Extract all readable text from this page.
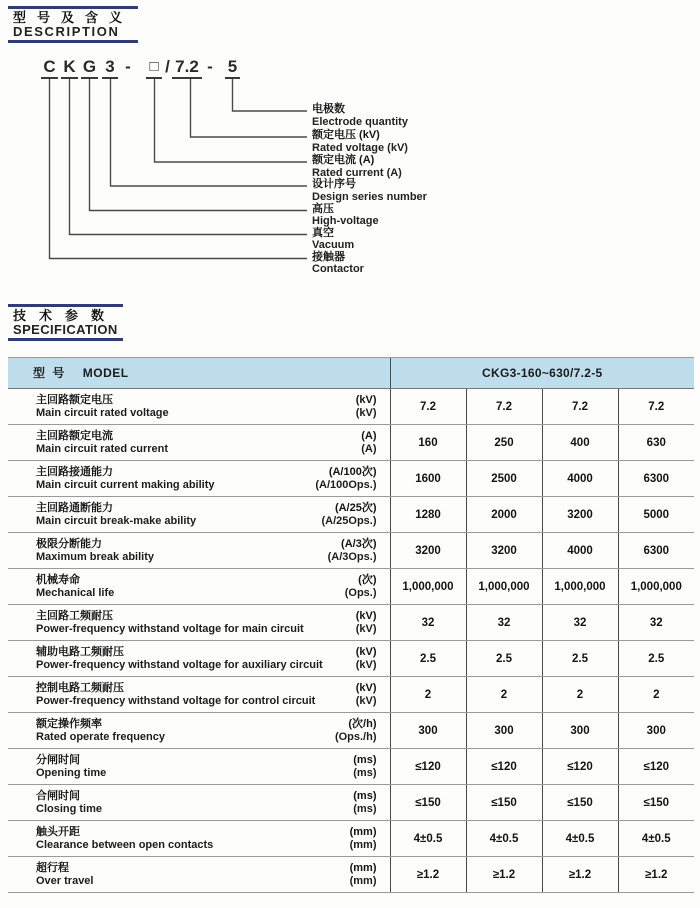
型号及含义
DESCRIPTION
C K G 3 - □ / 7.2 - 5
电极数
Electrode quantity
额定电压 (kV)
Rated voltage (kV)
额定电流 (A)
Rated current (A)
设计序号
Design series number
高压
High-voltage
真空
Vacuum
接触器
Contactor
技术参数
SPECIFICATION
型 号 MODEL	CKG3-160~630/7.2-5			

主回路额定电压 (kV)
Main circuit rated voltage (kV)	7.2	7.2	7.2	7.2

主回路额定电流 (A)
Main circuit rated current (A)	160	250	400	630

主回路接通能力 (A/100次)
Main circuit current making ability (A/100Ops.)	1600	2500	4000	6300

主回路通断能力 (A/25次)
Main circuit break-make ability (A/25Ops.)	1280	2000	3200	5000

极限分断能力 (A/3次)
Maximum break ability (A/3Ops.)	3200	3200	4000	6300

机械寿命 (次)
Mechanical life (Ops.)	1,000,000	1,000,000	1,000,000	1,000,000

主回路工频耐压 (kV)
Power-frequency withstand voltage for main circuit (kV)	32	32	32	32

辅助电路工频耐压 (kV)
Power-frequency withstand voltage for auxiliary circuit (kV)	2.5	2.5	2.5	2.5

控制电路工频耐压 (kV)
Power-frequency withstand voltage for control circuit (kV)	2	2	2	2

额定操作频率 (次/h)
Rated operate frequency (Ops./h)	300	300	300	300

分闸时间 (ms)
Opening time (ms)	≤120	≤120	≤120	≤120

合闸时间 (ms)
Closing time (ms)	≤150	≤150	≤150	≤150

触头开距 (mm)
Clearance between open contacts (mm)	4±0.5	4±0.5	4±0.5	4±0.5

超行程 (mm)
Over travel (mm)	≥1.2	≥1.2	≥1.2	≥1.2
